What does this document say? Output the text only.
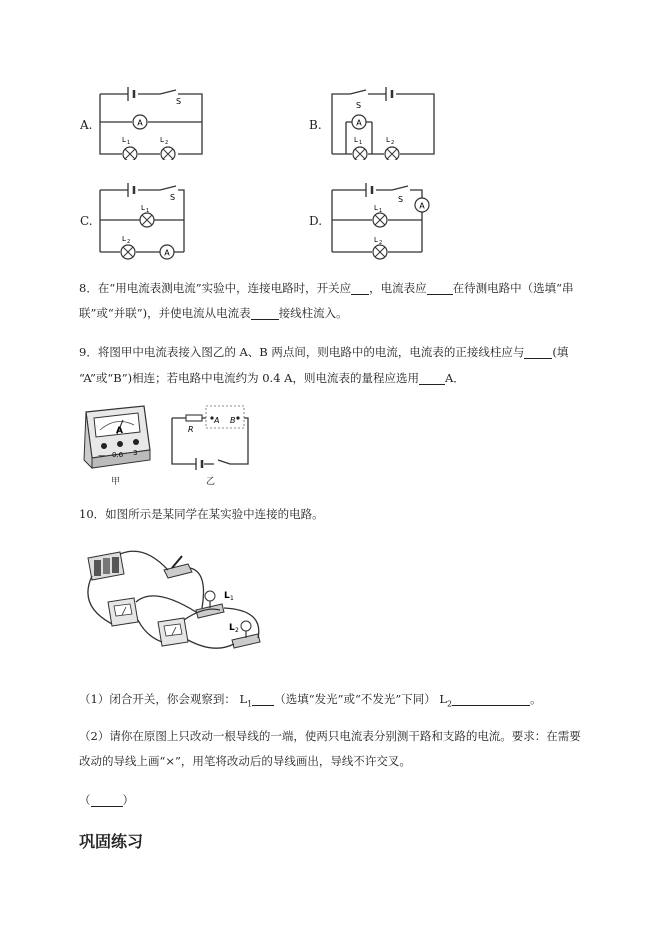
A.	A
S
L 1	L 2
B.	A
S
L 1	L 2
C.
A
S
L 1
L 2
D.
A
S
L 1
L 2
8．在“用电流表测电流”实验中，连接电路时，开关应 ，电流表应 在待测电路中（选填“串
联”或“并联”)，并使电流从电流表 接线柱流入。
9．将图甲中电流表接入图乙的 A、B 两点间，则电路中的电流，电流表的正接线柱应与 (填
“A”或“B”)相连；若电路中电流约为 0.4 A，则电流表的量程应选用 A．
A
— 0.6 3
甲
R
A B
乙
10．如图所示是某同学在某实验中连接的电路。
L 1
L 2
（1）闭合开关，你会观察到： $L_1$ （选填“发光”或“不发光”下同） $L_2$	。
（2）请你在原图上只改动一根导线的一端，使两只电流表分别测干路和支路的电流。要求：在需要
改动的导线上画“×”，用笔将改动后的导线画出，导线不许交叉。
（	）
巩固练习
